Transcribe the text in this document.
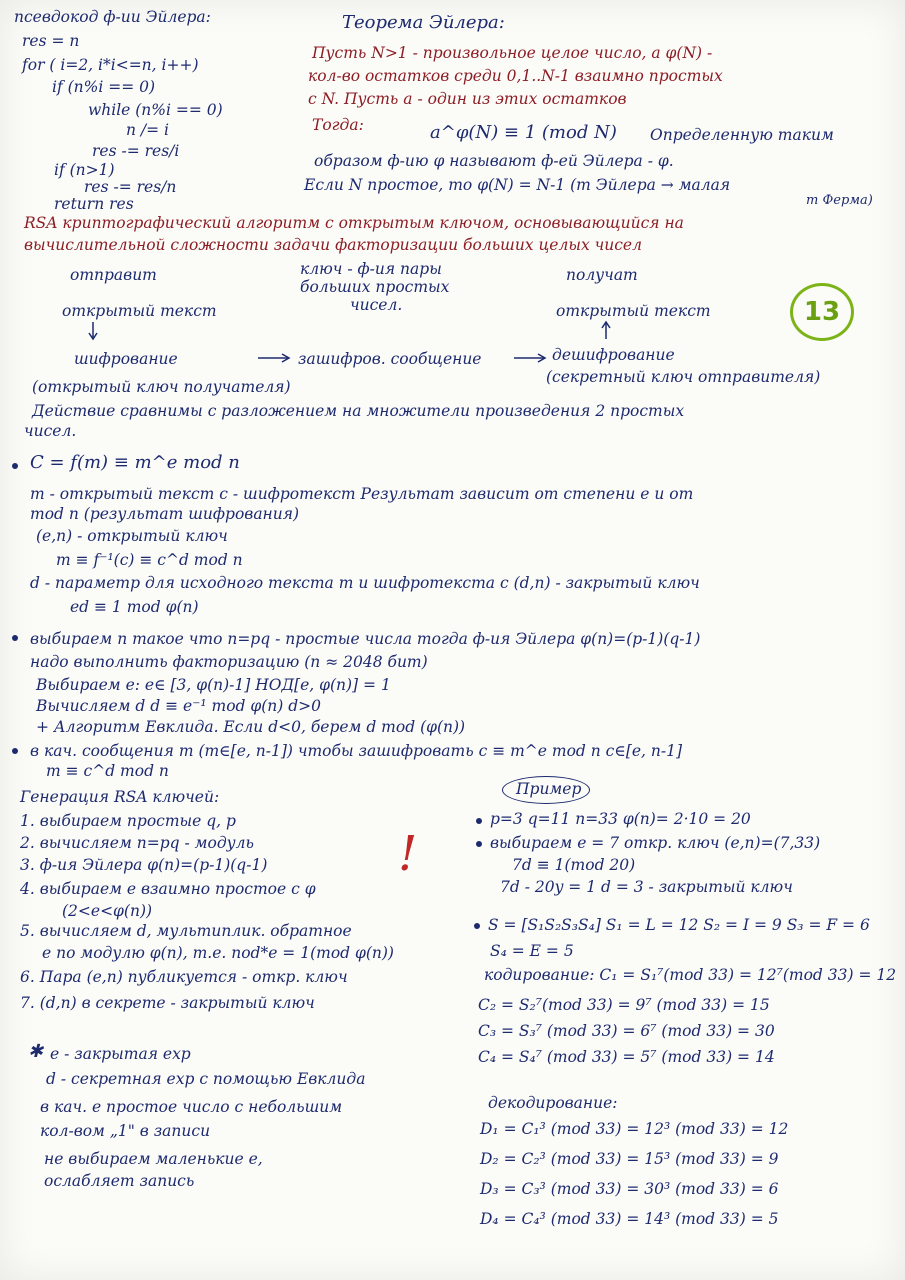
псевдокод ф-ии Эйлера:
res = n
for ( i=2, i*i<=n, i++)
if (n%i == 0)
while (n%i == 0)
n /= i
res -= res/i
if (n>1)
res -= res/n
return res
Теорема Эйлера:
Пусть N>1 - произвольное целое число, а φ(N) -
кол-во остатков среди 0,1..N-1 взаимно простых
с N. Пусть a - один из этих остатков
Тогда:	a^φ(N) ≡ 1 (mod N) Определенную таким
образом ф-ию φ называют ф-ей Эйлера - φ.
Если N простое, то φ(N) = N-1 (т Эйлера → малая
т Ферма)
RSA криптографический алгоритм с открытым ключом, основывающийся на
вычислительной сложности задачи факторизации больших целых чисел
отправит	ключ - ф-ия пары
больших простых
чисел.
получат
открытый текст	открытый текст
шифрование	зашифров. сообщение	дешифрование
(открытый ключ получателя)
(секретный ключ отправителя)
13
Действие сравнимы с разложением на множители произведения 2 простых
чисел.
C = f(m) ≡ m^e mod n
m - открытый текст c - шифротекст Результат зависит от степени e и от
mod n (результат шифрования)
(e,n) - открытый ключ
m ≡ f⁻¹(c) ≡ c^d mod n
d - параметр для исходного текста m и шифротекста c (d,n) - закрытый ключ
ed ≡ 1 mod φ(n)
выбираем n такое что n=pq - простые числа тогда ф-ия Эйлера φ(n)=(p-1)(q-1)
надо выполнить факторизацию (n ≈ 2048 бит)
Выбираем e: e∈ [3, φ(n)-1] НОД[e, φ(n)] = 1
Вычисляем d d ≡ e⁻¹ mod φ(n) d>0
+ Алгоритм Евклида. Если d<0, берем d mod (φ(n))
в кач. сообщения m (m∈[e, n-1]) чтобы зашифровать c ≡ m^e mod n c∈[e, n-1]
m ≡ c^d mod n
Генерация RSA ключей:
1. выбираем простые q, p
2. вычисляем n=pq - модуль
3. ф-ия Эйлера φ(n)=(p-1)(q-1)
4. выбираем e взаимно простое с φ
(2<e<φ(n))
5. вычисляем d, мультиплик. обратное
e по модулю φ(n), т.е. nod*e = 1(mod φ(n))
6. Пара (e,n) публикуется - откр. ключ
7. (d,n) в секрете - закрытый ключ
!
✱ e - закрытая exp
d - секретная exp с помощью Евклида
в кач. e простое число с небольшим
кол-вом „1" в записи
не выбираем маленькие e,
ослабляет запись
Пример
p=3 q=11 n=33 φ(n)= 2·10 = 20
выбираем e = 7 откр. ключ (e,n)=(7,33)
7d ≡ 1(mod 20)
7d - 20y = 1 d = 3 - закрытый ключ
S = [S₁S₂S₃S₄] S₁ = L = 12 S₂ = I = 9 S₃ = F = 6
S₄ = E = 5
кодирование: C₁ = S₁⁷(mod 33) = 12⁷(mod 33) = 12
C₂ = S₂⁷(mod 33) = 9⁷ (mod 33) = 15
C₃ = S₃⁷ (mod 33) = 6⁷ (mod 33) = 30
C₄ = S₄⁷ (mod 33) = 5⁷ (mod 33) = 14
декодирование:
D₁ = C₁³ (mod 33) = 12³ (mod 33) = 12
D₂ = C₂³ (mod 33) = 15³ (mod 33) = 9
D₃ = C₃³ (mod 33) = 30³ (mod 33) = 6
D₄ = C₄³ (mod 33) = 14³ (mod 33) = 5
